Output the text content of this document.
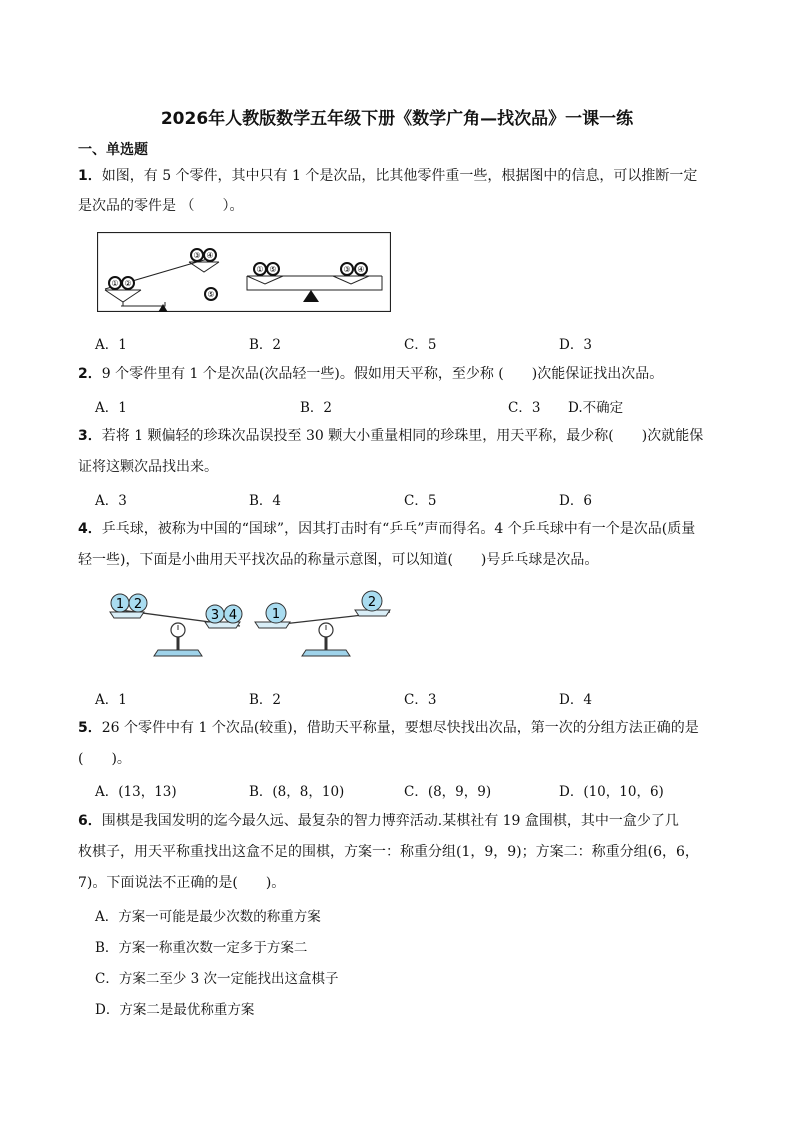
2026年人教版数学五年级下册《数学广角—找次品》一课一练
一、单选题
1．如图，有 5 个零件，其中只有 1 个是次品，比其他零件重一些，根据图中的信息，可以推断一定
是次品的零件是 （　　）。
① ②
③ ④
⑤
① ⑤	③ ④
A．1	B．2	C．5	D．3
2．9 个零件里有 1 个是次品(次品轻一些)。假如用天平称，至少称 (　　)次能保证找出次品。
A．1	B．2	C．3 D.不确定
3．若将 1 颗偏轻的珍珠次品误投至 30 颗大小重量相同的珍珠里，用天平称，最少称(　　)次就能保
证将这颗次品找出来。
A．3	B．4	C．5	D．6
4．乒乓球，被称为中国的“国球”，因其打击时有“乒乓”声而得名。4 个乒乓球中有一个是次品(质量
轻一些)，下面是小曲用天平找次品的称量示意图，可以知道(　　)号乒乓球是次品。
1 2
3 4	1
2
A．1	B．2	C．3	D．4
5．26 个零件中有 1 个次品(较重)，借助天平称量，要想尽快找出次品，第一次的分组方法正确的是
(　　)。
A．(13，13)	B．(8，8，10)	C．(8，9，9)	D．(10，10，6)
6．围棋是我国发明的迄今最久远、最复杂的智力博弈活动.某棋社有 19 盒围棋，其中一盒少了几
枚棋子，用天平称重找出这盒不足的围棋，方案一：称重分组(1，9，9)；方案二：称重分组(6，6，
7)。下面说法不正确的是(　　)。
A．方案一可能是最少次数的称重方案
B．方案一称重次数一定多于方案二
C．方案二至少 3 次一定能找出这盒棋子
D．方案二是最优称重方案
